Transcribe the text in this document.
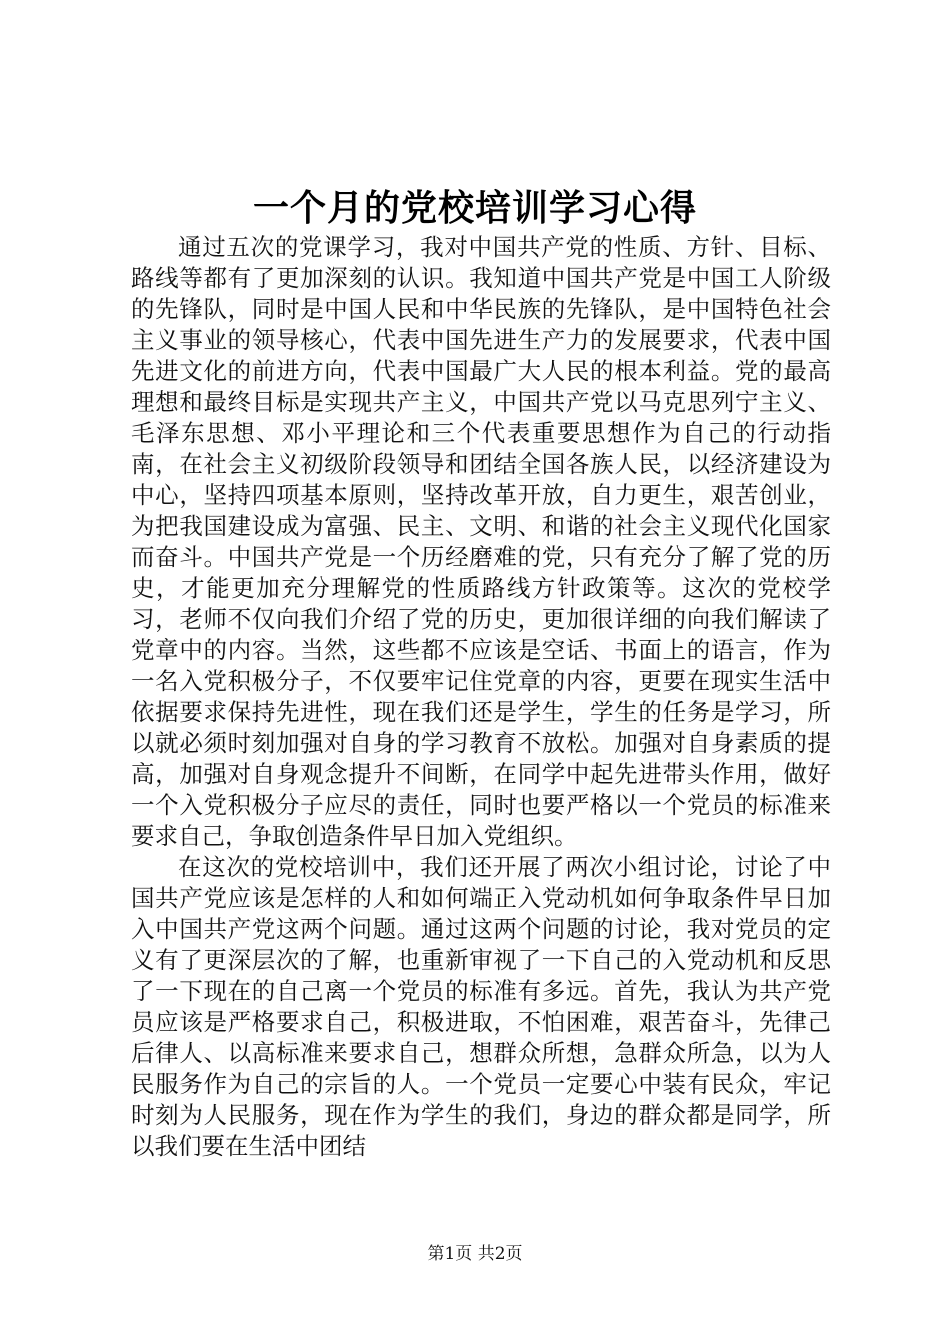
一个月的党校培训学习心得

通过五次的党课学习，我对中国共产党的性质、方针、目标、路线等都有了更加深刻的认识。我知道中国共产党是中国工人阶级的先锋队，同时是中国人民和中华民族的先锋队，是中国特色社会主义事业的领导核心，代表中国先进生产力的发展要求，代表中国先进文化的前进方向，代表中国最广大人民的根本利益。党的最高理想和最终目标是实现共产主义，中国共产党以马克思列宁主义、毛泽东思想、邓小平理论和三个代表重要思想作为自己的行动指南，在社会主义初级阶段领导和团结全国各族人民，以经济建设为中心，坚持四项基本原则，坚持改革开放，自力更生，艰苦创业，为把我国建设成为富强、民主、文明、和谐的社会主义现代化国家而奋斗。中国共产党是一个历经磨难的党，只有充分了解了党的历史，才能更加充分理解党的性质路线方针政策等。这次的党校学习，老师不仅向我们介绍了党的历史，更加很详细的向我们解读了党章中的内容。当然，这些都不应该是空话、书面上的语言，作为一名入党积极分子，不仅要牢记住党章的内容，更要在现实生活中依据要求保持先进性，现在我们还是学生，学生的任务是学习，所以就必须时刻加强对自身的学习教育不放松。加强对自身素质的提高，加强对自身观念提升不间断，在同学中起先进带头作用，做好一个入党积极分子应尽的责任，同时也要严格以一个党员的标准来要求自己，争取创造条件早日加入党组织。

在这次的党校培训中，我们还开展了两次小组讨论，讨论了中国共产党应该是怎样的人和如何端正入党动机如何争取条件早日加入中国共产党这两个问题。通过这两个问题的讨论，我对党员的定义有了更深层次的了解，也重新审视了一下自己的入党动机和反思了一下现在的自己离一个党员的标准有多远。首先，我认为共产党员应该是严格要求自己，积极进取，不怕困难，艰苦奋斗，先律己后律人、以高标准来要求自己，想群众所想，急群众所急，以为人民服务作为自己的宗旨的人。一个党员一定要心中装有民众，牢记时刻为人民服务，现在作为学生的我们，身边的群众都是同学，所以我们要在生活中团结

第1页 共2页
